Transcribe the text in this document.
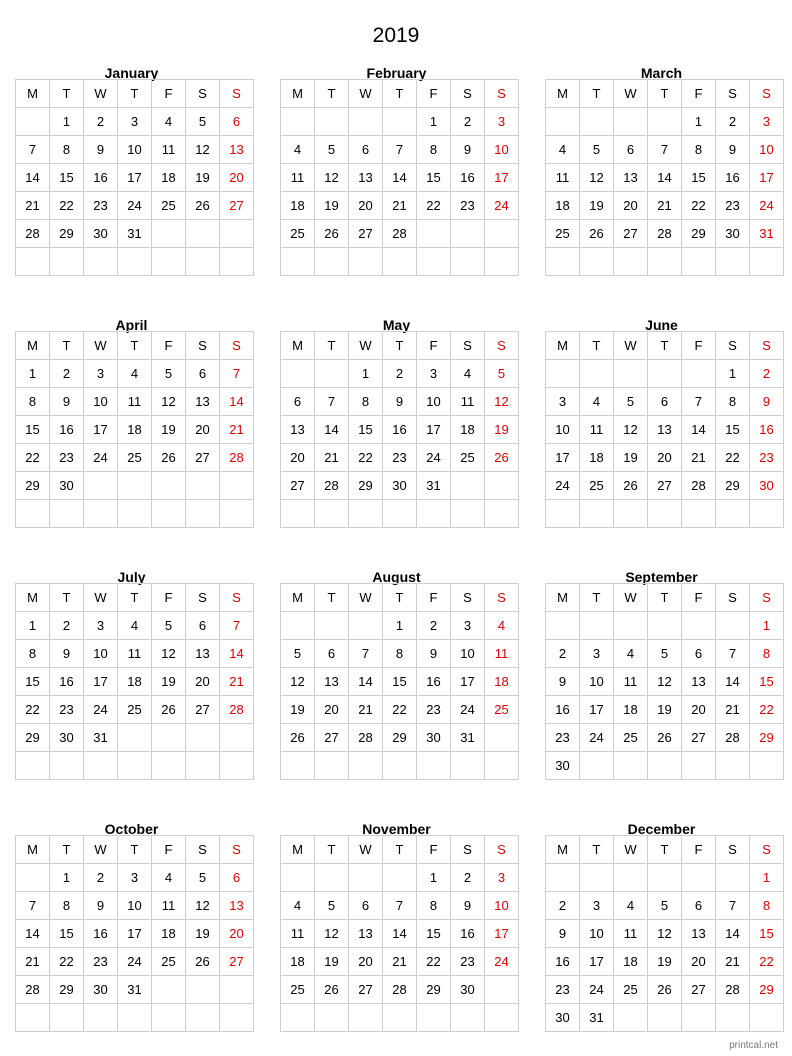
2019
January
M	T	W	T	F	S	S
	1	2	3	4	5	6
7	8	9	10	11	12	13
14	15	16	17	18	19	20
21	22	23	24	25	26	27
28	29	30	31			

February
M	T	W	T	F	S	S
				1	2	3
4	5	6	7	8	9	10
11	12	13	14	15	16	17
18	19	20	21	22	23	24
25	26	27	28			

March
M	T	W	T	F	S	S
				1	2	3
4	5	6	7	8	9	10
11	12	13	14	15	16	17
18	19	20	21	22	23	24
25	26	27	28	29	30	31

April
M	T	W	T	F	S	S
1	2	3	4	5	6	7
8	9	10	11	12	13	14
15	16	17	18	19	20	21
22	23	24	25	26	27	28
29	30					

May
M	T	W	T	F	S	S
		1	2	3	4	5
6	7	8	9	10	11	12
13	14	15	16	17	18	19
20	21	22	23	24	25	26
27	28	29	30	31		

June
M	T	W	T	F	S	S
					1	2
3	4	5	6	7	8	9
10	11	12	13	14	15	16
17	18	19	20	21	22	23
24	25	26	27	28	29	30

July
M	T	W	T	F	S	S
1	2	3	4	5	6	7
8	9	10	11	12	13	14
15	16	17	18	19	20	21
22	23	24	25	26	27	28
29	30	31				

August
M	T	W	T	F	S	S
			1	2	3	4
5	6	7	8	9	10	11
12	13	14	15	16	17	18
19	20	21	22	23	24	25
26	27	28	29	30	31	

September
M	T	W	T	F	S	S
						1
2	3	4	5	6	7	8
9	10	11	12	13	14	15
16	17	18	19	20	21	22
23	24	25	26	27	28	29
30						
October
M	T	W	T	F	S	S
	1	2	3	4	5	6
7	8	9	10	11	12	13
14	15	16	17	18	19	20
21	22	23	24	25	26	27
28	29	30	31			

November
M	T	W	T	F	S	S
				1	2	3
4	5	6	7	8	9	10
11	12	13	14	15	16	17
18	19	20	21	22	23	24
25	26	27	28	29	30	

December
M	T	W	T	F	S	S
						1
2	3	4	5	6	7	8
9	10	11	12	13	14	15
16	17	18	19	20	21	22
23	24	25	26	27	28	29
30	31					
printcal.net
